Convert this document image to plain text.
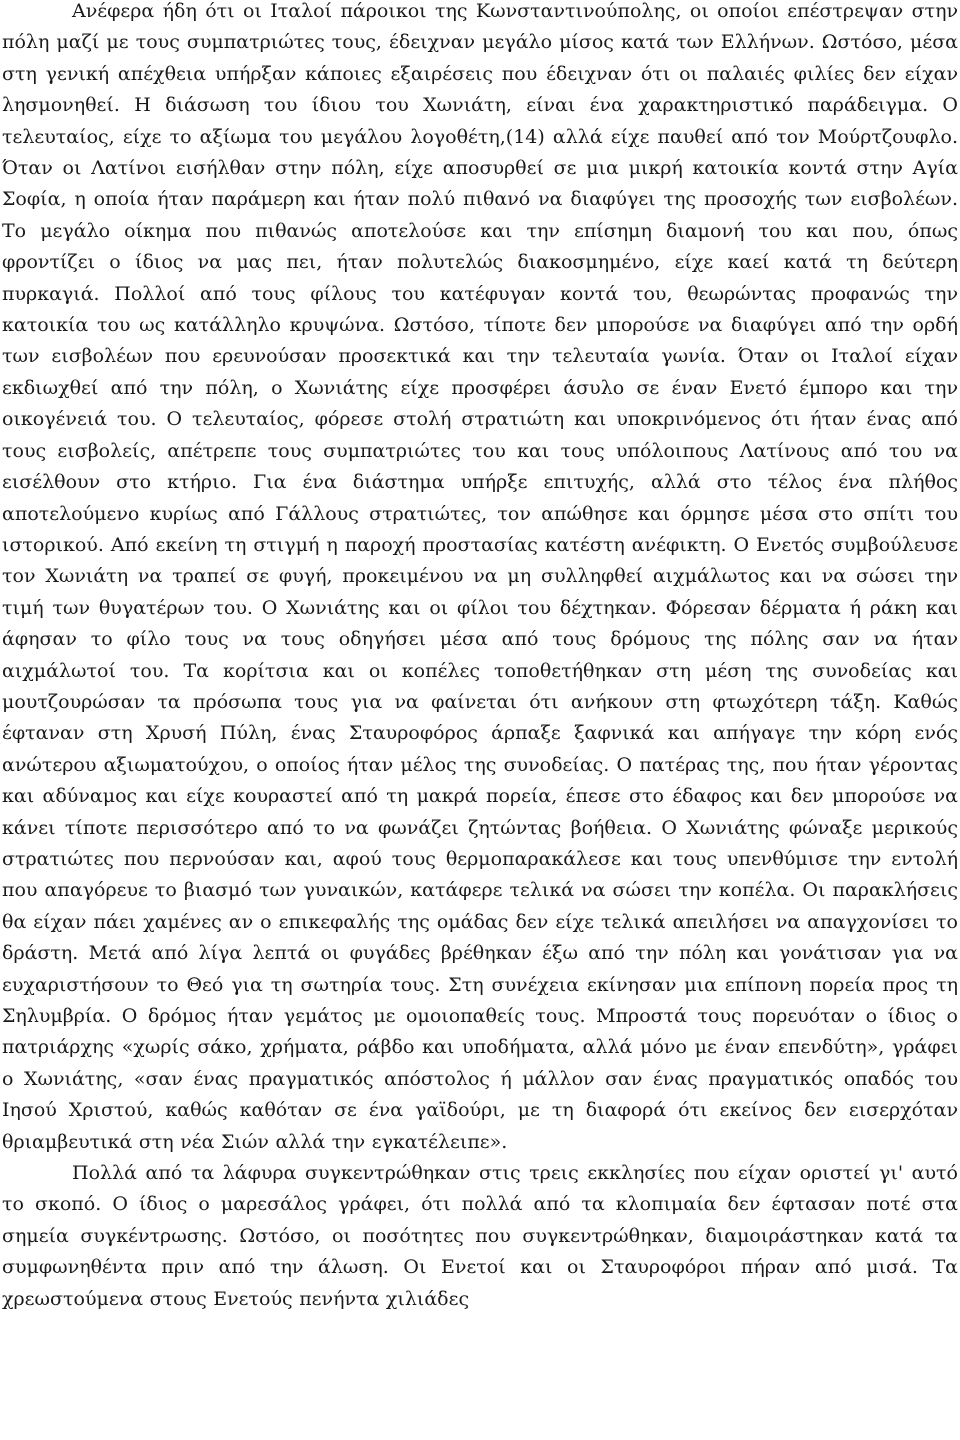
Ανέφερα ήδη ότι οι Ιταλοί πάροικοι της Κωνσταντινούπολης, οι οποίοι επέστρεψαν στην πόλη μαζί με τους συμπατριώτες τους, έδειχναν μεγάλο μίσος κατά των Ελλήνων. Ωστόσο, μέσα στη γενική απέχθεια υπήρξαν κάποιες εξαιρέσεις που έδειχναν ότι οι παλαιές φιλίες δεν είχαν λησμονηθεί. Η διάσωση του ίδιου του Χωνιάτη, είναι ένα χαρακτηριστικό παράδειγμα. Ο τελευταίος, είχε το αξίωμα του μεγάλου λογοθέτη,(14) αλλά είχε παυθεί από τον Μούρτζουφλο. Όταν οι Λατίνοι εισήλθαν στην πόλη, είχε αποσυρθεί σε μια μικρή κατοικία κοντά στην Αγία Σοφία, η οποία ήταν παράμερη και ήταν πολύ πιθανό να διαφύγει της προσοχής των εισβολέων. Το μεγάλο οίκημα που πιθανώς αποτελούσε και την επίσημη διαμονή του και που, όπως φροντίζει ο ίδιος να μας πει, ήταν πολυτελώς διακοσμημένο, είχε καεί κατά τη δεύτερη πυρκαγιά. Πολλοί από τους φίλους του κατέφυγαν κοντά του, θεωρώντας προφανώς την κατοικία του ως κατάλληλο κρυψώνα. Ωστόσο, τίποτε δεν μπορούσε να διαφύγει από την ορδή των εισβολέων που ερευνούσαν προσεκτικά και την τελευταία γωνία. Όταν οι Ιταλοί είχαν εκδιωχθεί από την πόλη, ο Χωνιάτης είχε προσφέρει άσυλο σε έναν Ενετό έμπορο και την οικογένειά του. Ο τελευταίος, φόρεσε στολή στρατιώτη και υποκρινόμενος ότι ήταν ένας από τους εισβολείς, απέτρεπε τους συμπατριώτες του και τους υπόλοιπους Λατίνους από του να εισέλθουν στο κτήριο. Για ένα διάστημα υπήρξε επιτυχής, αλλά στο τέλος ένα πλήθος αποτελούμενο κυρίως από Γάλλους στρατιώτες, τον απώθησε και όρμησε μέσα στο σπίτι του ιστορικού. Από εκείνη τη στιγμή η παροχή προστασίας κατέστη ανέφικτη. Ο Ενετός συμβούλευσε τον Χωνιάτη να τραπεί σε φυγή, προκειμένου να μη συλληφθεί αιχμάλωτος και να σώσει την τιμή των θυγατέρων του. Ο Χωνιάτης και οι φίλοι του δέχτηκαν. Φόρεσαν δέρματα ή ράκη και άφησαν το φίλο τους να τους οδηγήσει μέσα από τους δρόμους της πόλης σαν να ήταν αιχμάλωτοί του. Τα κορίτσια και οι κοπέλες τοποθετήθηκαν στη μέση της συνοδείας και μουτζουρώσαν τα πρόσωπα τους για να φαίνεται ότι ανήκουν στη φτωχότερη τάξη. Καθώς έφταναν στη Χρυσή Πύλη, ένας Σταυροφόρος άρπαξε ξαφνικά και απήγαγε την κόρη ενός ανώτερου αξιωματούχου, ο οποίος ήταν μέλος της συνοδείας. Ο πατέρας της, που ήταν γέροντας και αδύναμος και είχε κουραστεί από τη μακρά πορεία, έπεσε στο έδαφος και δεν μπορούσε να κάνει τίποτε περισσότερο από το να φωνάζει ζητώντας βοήθεια. Ο Χωνιάτης φώναξε μερικούς στρατιώτες που περνούσαν και, αφού τους θερμοπαρακάλεσε και τους υπενθύμισε την εντολή που απαγόρευε το βιασμό των γυναικών, κατάφερε τελικά να σώσει την κοπέλα. Οι παρακλήσεις θα είχαν πάει χαμένες αν ο επικεφαλής της ομάδας δεν είχε τελικά απειλήσει να απαγχονίσει το δράστη. Μετά από λίγα λεπτά οι φυγάδες βρέθηκαν έξω από την πόλη και γονάτισαν για να ευχαριστήσουν το Θεό για τη σωτηρία τους. Στη συνέχεια εκίνησαν μια επίπονη πορεία προς τη Σηλυμβρία. Ο δρόμος ήταν γεμάτος με ομοιοπαθείς τους. Μπροστά τους πορευόταν ο ίδιος ο πατριάρχης «χωρίς σάκο, χρήματα, ράβδο και υποδήματα, αλλά μόνο με έναν επενδύτη», γράφει ο Χωνιάτης, «σαν ένας πραγματικός απόστολος ή μάλλον σαν ένας πραγματικός οπαδός του Ιησού Χριστού, καθώς καθόταν σε ένα γαϊδούρι, με τη διαφορά ότι εκείνος δεν εισερχόταν θριαμβευτικά στη νέα Σιών αλλά την εγκατέλειπε».

Πολλά από τα λάφυρα συγκεντρώθηκαν στις τρεις εκκλησίες που είχαν οριστεί γι' αυτό το σκοπό. Ο ίδιος ο μαρεσάλος γράφει, ότι πολλά από τα κλοπιμαία δεν έφτασαν ποτέ στα σημεία συγκέντρωσης. Ωστόσο, οι ποσότητες που συγκεντρώθηκαν, διαμοιράστηκαν κατά τα συμφωνηθέντα πριν από την άλωση. Οι Ενετοί και οι Σταυροφόροι πήραν από μισά. Τα χρεωστούμενα στους Ενετούς πενήντα χιλιάδες
